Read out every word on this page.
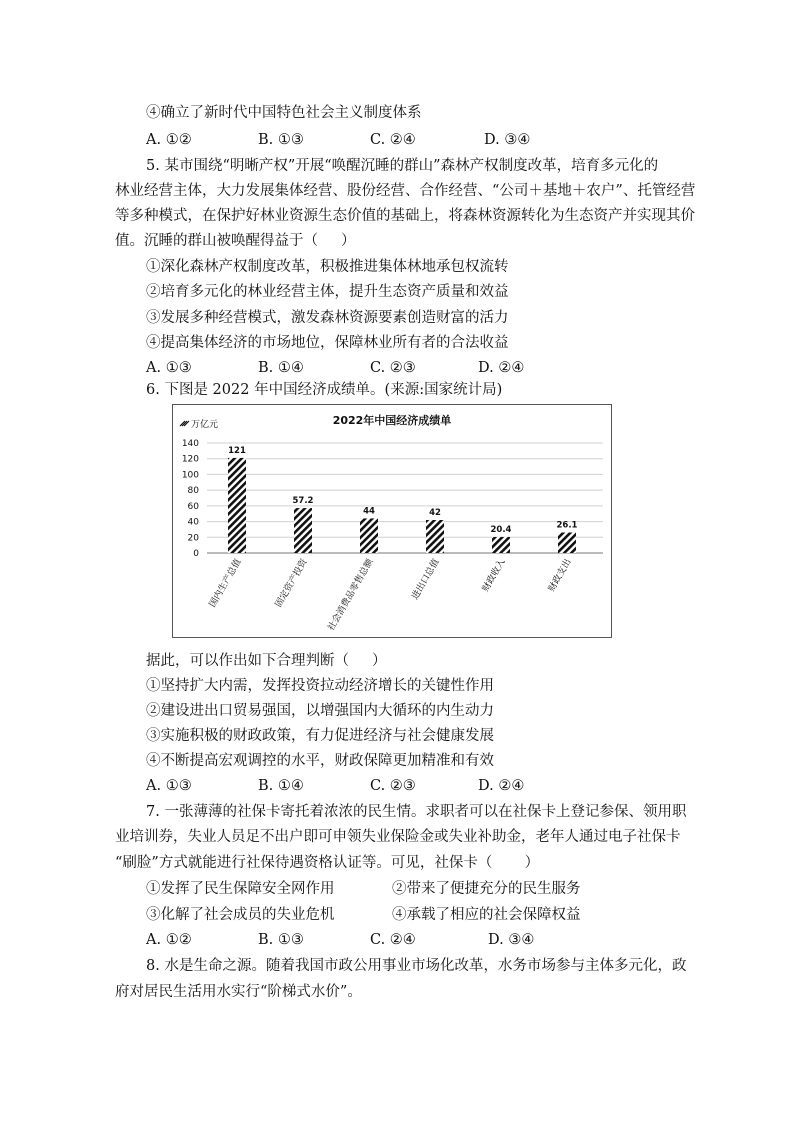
④确立了新时代中国特色社会主义制度体系
A. ①②	B. ①③	C. ②④	D. ③④
5. 某市围绕“明晰产权”开展“唤醒沉睡的群山”森林产权制度改革，培育多元化的
林业经营主体，大力发展集体经营、股份经营、合作经营、“公司＋基地＋农户”、托管经营
等多种模式，在保护好林业资源生态价值的基础上，将森林资源转化为生态资产并实现其价
值。沉睡的群山被唤醒得益于（     ）
①深化森林产权制度改革，积极推进集体林地承包权流转
②培育多元化的林业经营主体，提升生态资产质量和效益
③发展多种经营模式，激发森林资源要素创造财富的活力
④提高集体经济的市场地位，保障林业所有者的合法收益
A. ①③	B. ①④	C. ②③	D. ②④
6. 下图是 2022 年中国经济成绩单。(来源:国家统计局)
2022年中国经济成绩单
万亿元
0
20
40
60
80
100
120
140
121
国内生产总值
57.2
固定资产投资
44
社会消费品零售总额
42
进出口总值
20.4
财政收入
26.1
财政支出
据此，可以作出如下合理判断（     ）
①坚持扩大内需，发挥投资拉动经济增长的关键性作用
②建设进出口贸易强国，以增强国内大循环的内生动力
③实施积极的财政政策，有力促进经济与社会健康发展
④不断提高宏观调控的水平，财政保障更加精准和有效
A. ①③	B. ①④	C. ②③	D. ②④
7. 一张薄薄的社保卡寄托着浓浓的民生情。求职者可以在社保卡上登记参保、领用职
业培训券，失业人员足不出户即可申领失业保险金或失业补助金，老年人通过电子社保卡
“刷脸”方式就能进行社保待遇资格认证等。可见，社保卡（       ）
①发挥了民生保障安全网作用	②带来了便捷充分的民生服务
③化解了社会成员的失业危机	④承载了相应的社会保障权益
A. ①②	B. ①③	C. ②④	D. ③④
8. 水是生命之源。随着我国市政公用事业市场化改革，水务市场参与主体多元化，政
府对居民生活用水实行“阶梯式水价”。
